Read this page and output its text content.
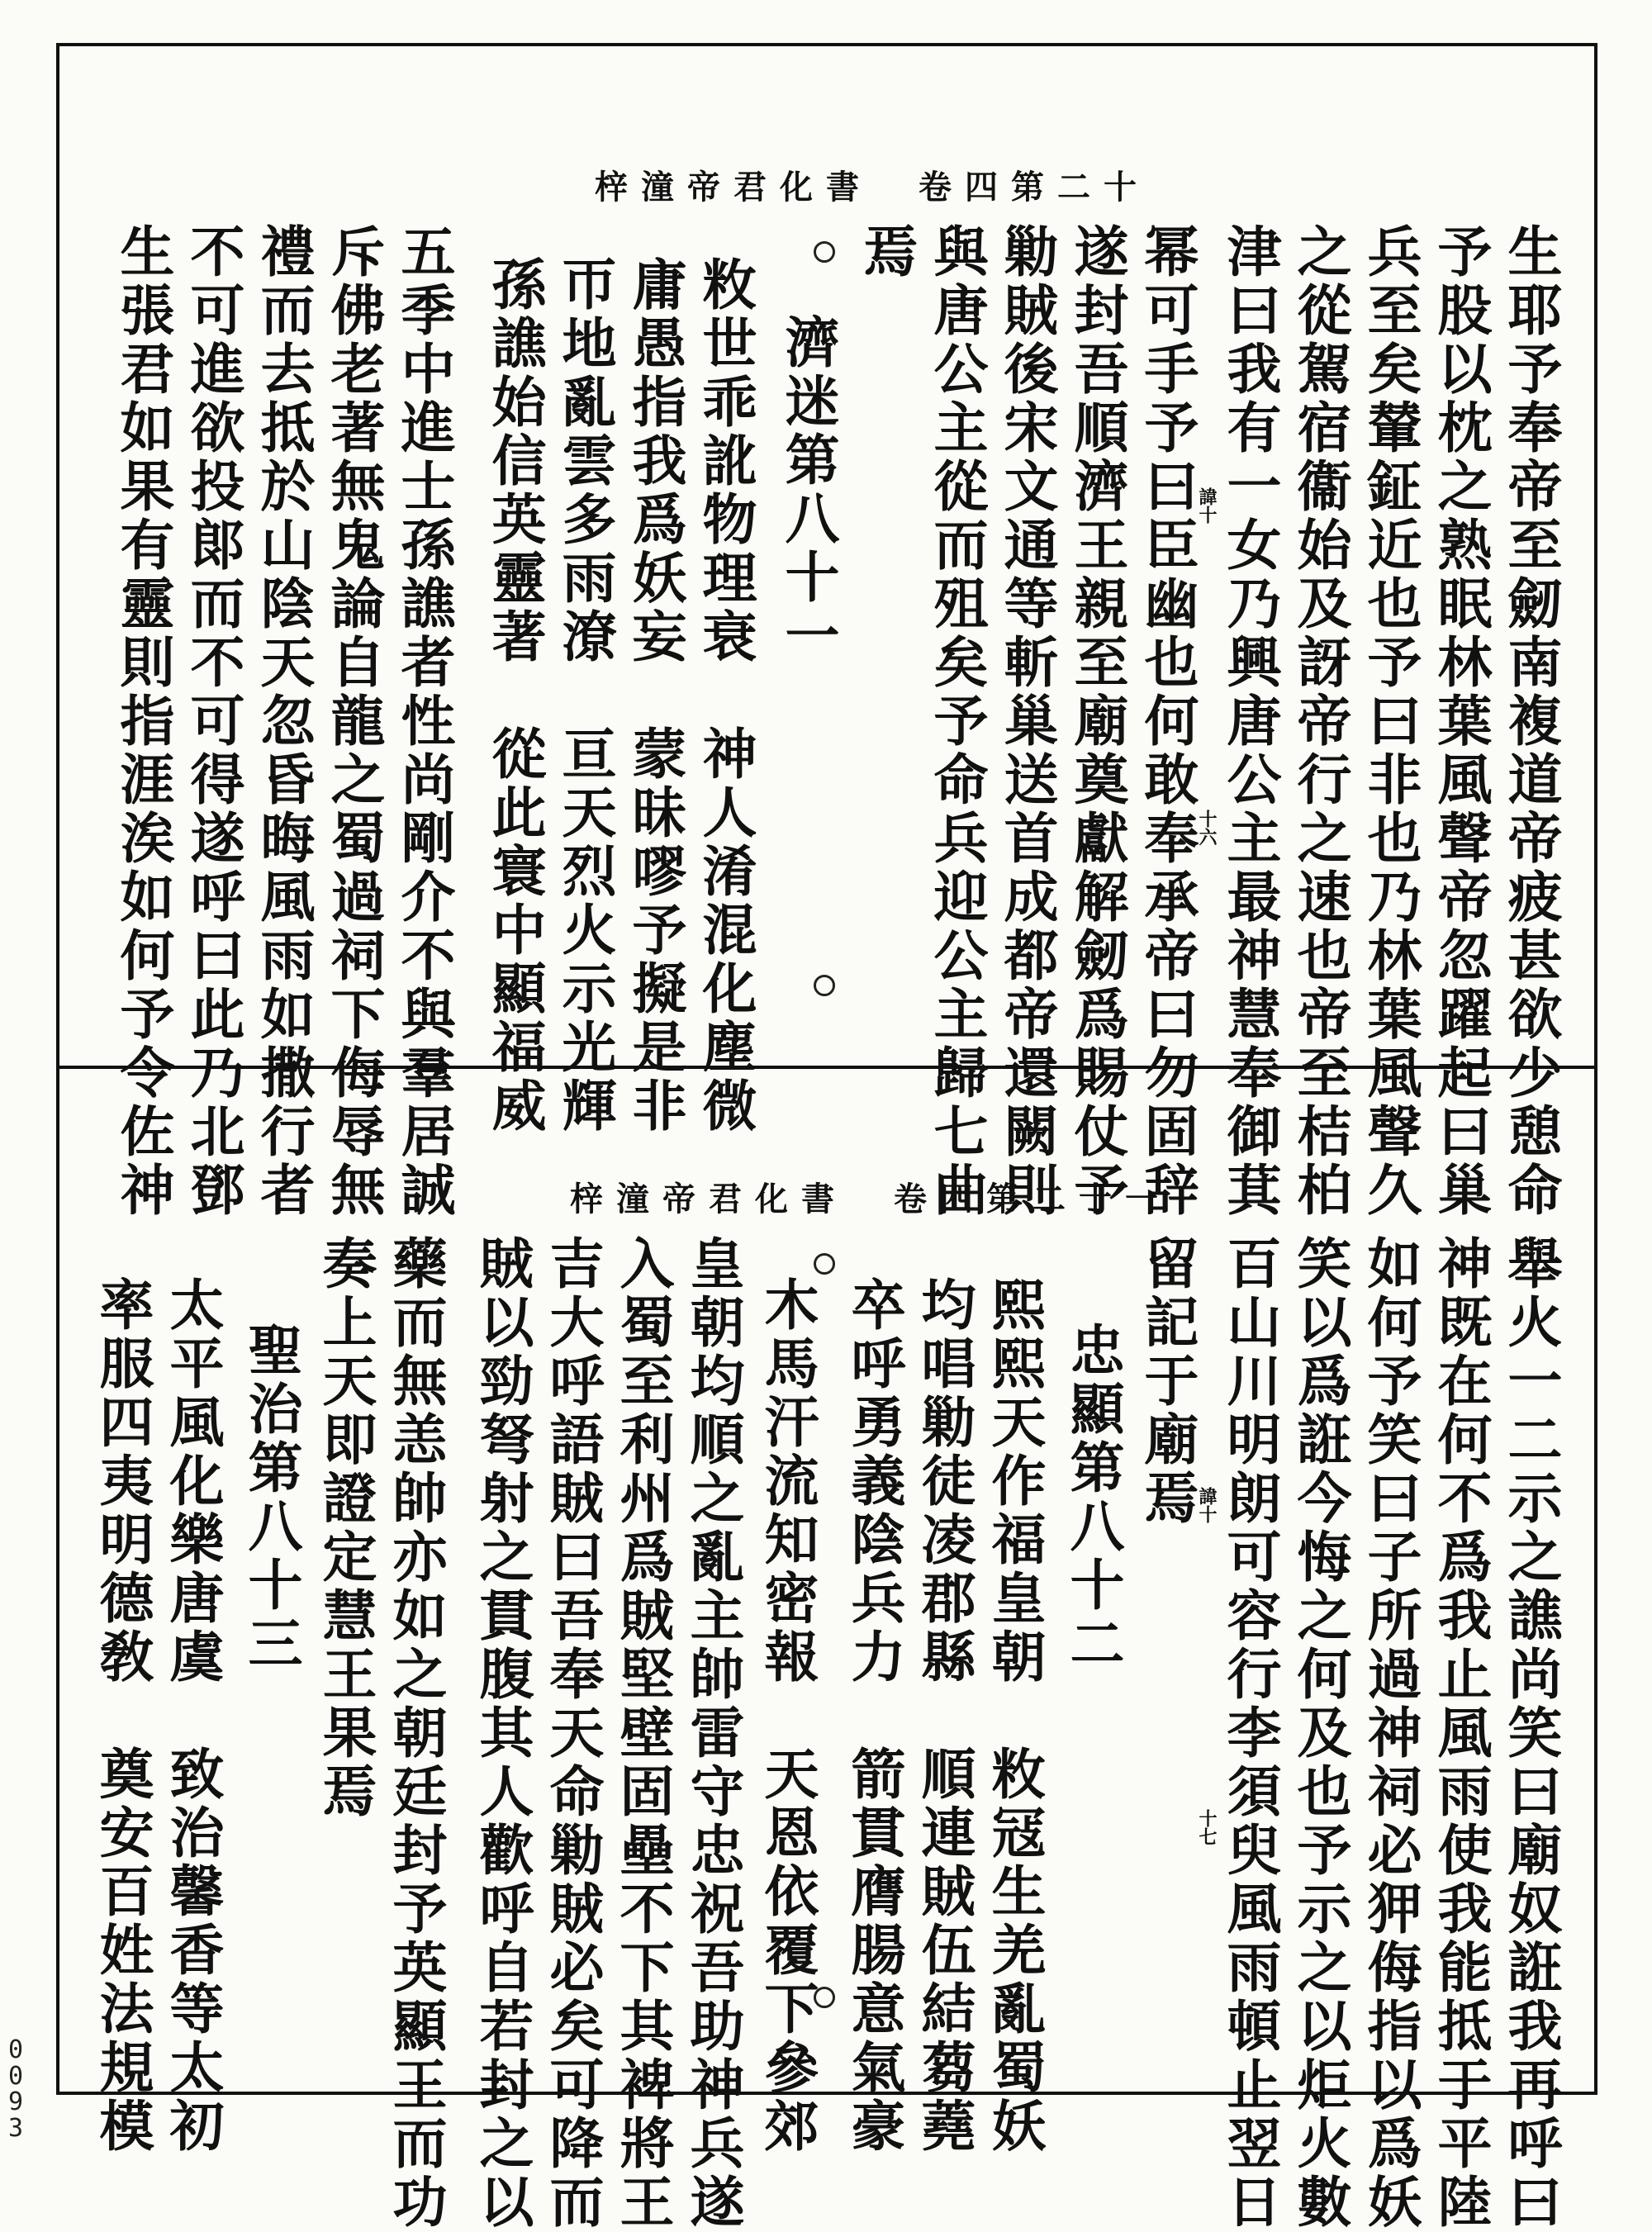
梓潼帝君化書　卷四第二十
生耶予奉帝至劒南複道帝疲甚欲少憩命
予股以枕之熟眠林葉風聲帝忽躍起曰巢
兵至矣輦鉦近也予曰非也乃林葉風聲久
之從駕宿衞始及訝帝行之速也帝至桔柏
津曰我有一女乃興唐公主最神慧奉御萁
幂可手予曰臣幽也何敢奉承帝曰勿固辞
遂封吾順濟王親至廟奠獻解劒爲賜仗予
勦賊後宋文通等斬巢送首成都帝還闕則
與唐公主從而殂矣予命兵迎公主歸七曲
焉
濟迷第八十一
敉世乖訛物理衰　神人淆混化塵微
庸愚指我爲妖妄　蒙昧嘐予擬是非
帀地亂雲多雨潦　亘天烈火示光輝
孫譙始信英靈著　從此寰中顯福威
五季中進士孫譙者性尚剛介不與羣居誠
斥佛老著無鬼論自龍之蜀過祠下侮辱無
禮而去抵於山陰天忽昏晦風雨如撒行者
不可進欲投郞而不可得遂呼曰此乃北鄧
生張君如果有靈則指涯涘如何予令佐神	諱十
十六
梓潼帝君化書　卷四第二十一
舉火一二示之譙尚笑曰廟奴誑我再呼曰
神既在何不爲我止風雨使我能抵于平陸
如何予笑曰子所過神祠必狎侮指以爲妖
笑以爲誑今悔之何及也予示之以炬火數
百山川明朗可容行李須臾風雨頓止翌日
留記于廟焉
忠顯第八十二
熙熙天作福皇朝　敉冦生羌亂蜀妖
均唱勦徒凌郡縣　順連賊伍結蒭蕘
卒呼勇義陰兵力　箭貫膺腸意氣豪
木馬汗流知密報　天恩依覆下參郊
皇朝均順之亂主帥雷守忠祝吾助神兵遂
入蜀至利州爲賊堅壁固壘不下其裨將王
吉大呼語賊曰吾奉天命勦賊必矣可降而
賊以勁弩射之貫腹其人歡呼自若封之以
藥而無恙帥亦如之朝廷封予英顯王而功
奏上天即證定慧王果焉
聖治第八十三
太平風化樂唐虞　致治馨香等太初
率服四夷明德敎　奠安百姓法規模	諱十
十七
0
0
9
3
